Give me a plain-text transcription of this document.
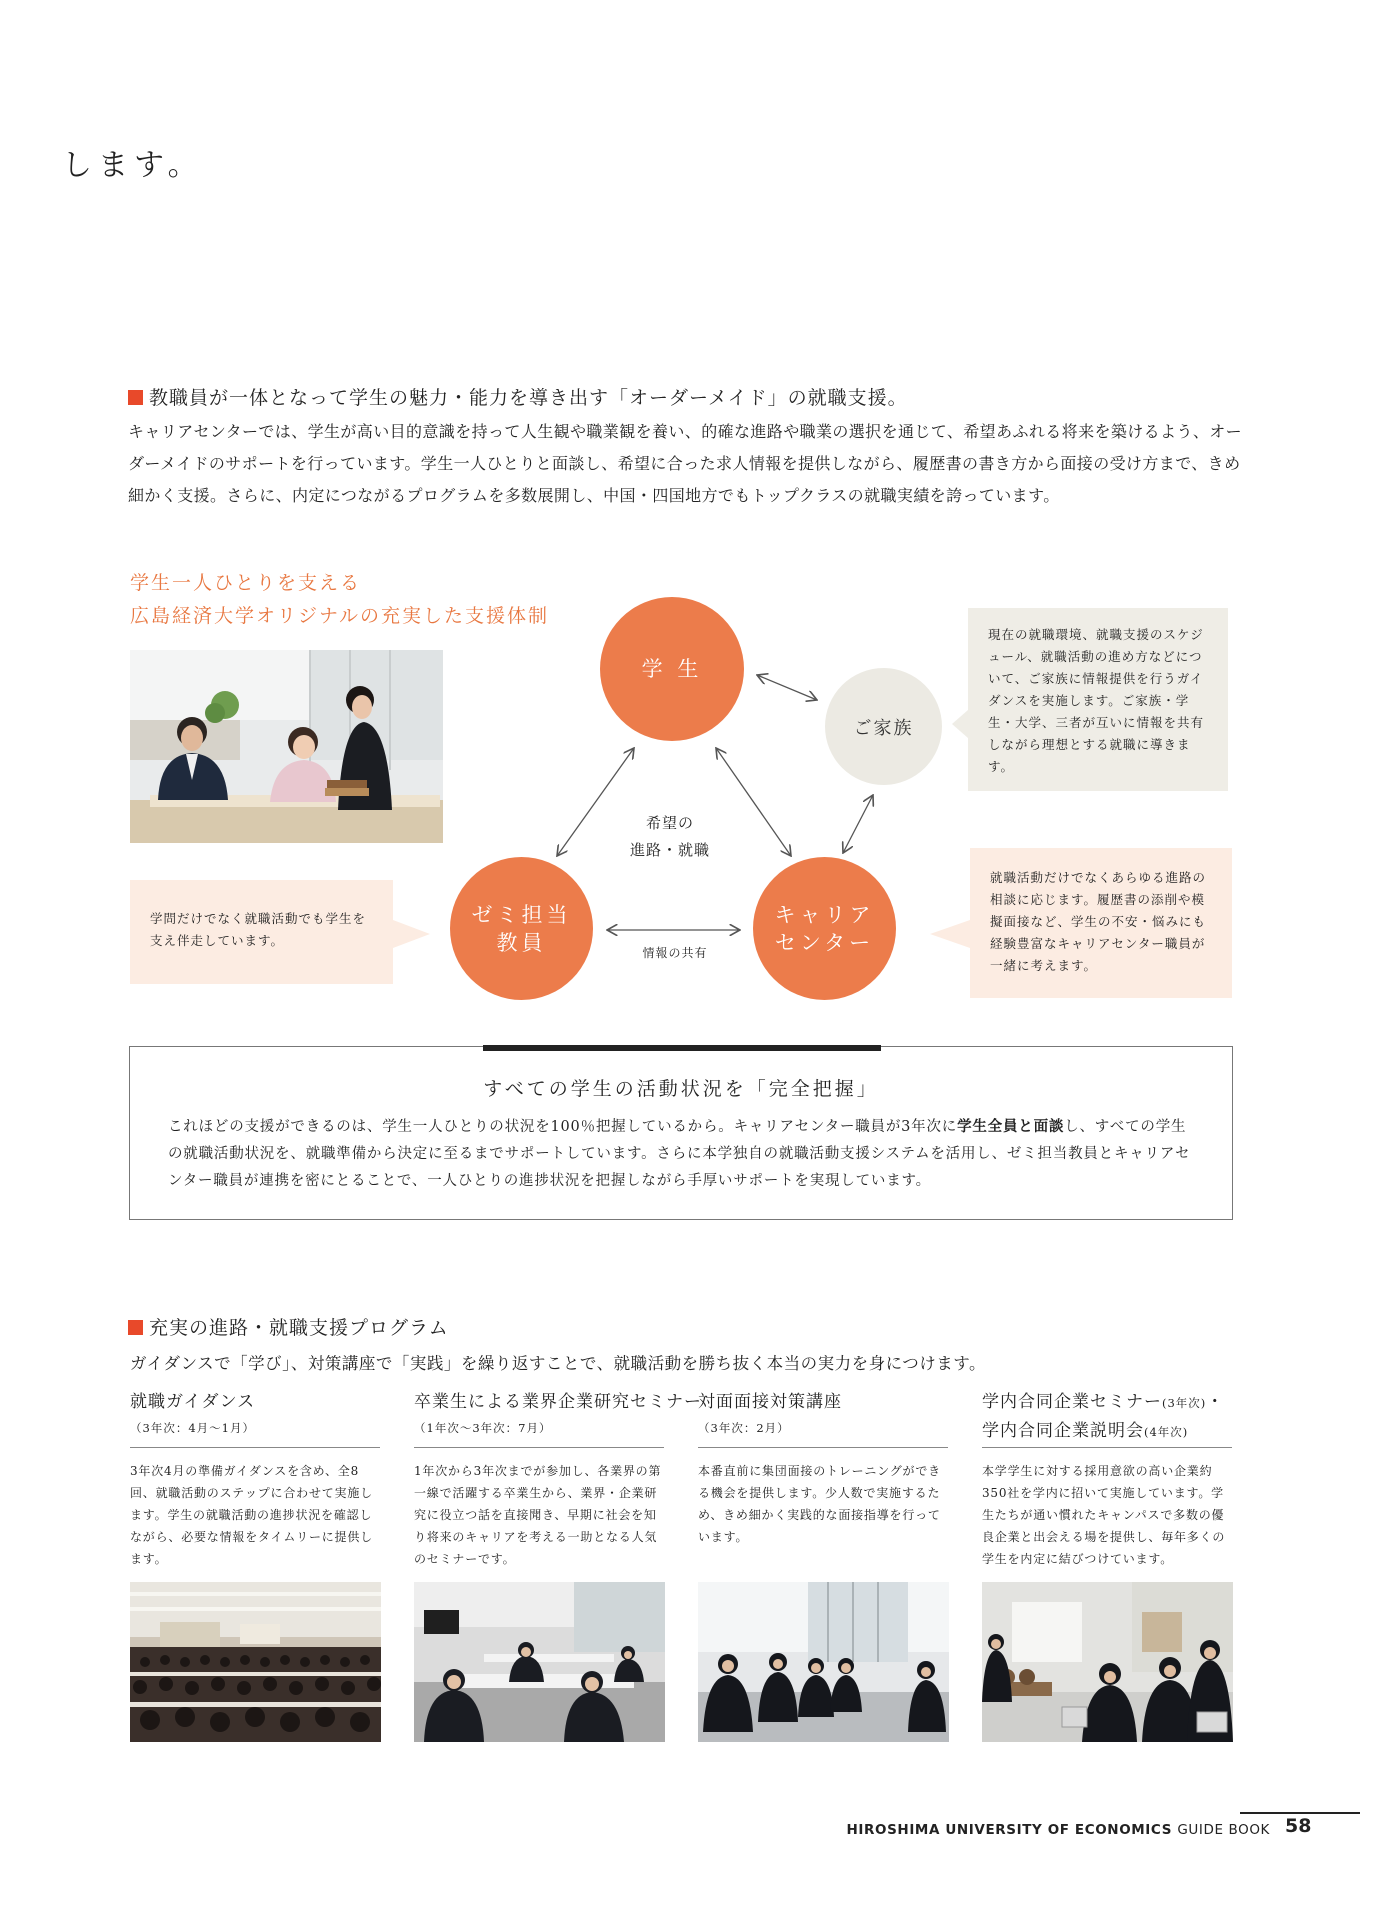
します。
教職員が一体となって学生の魅力・能力を導き出す「オーダーメイド」の就職支援。
キャリアセンターでは、学生が高い目的意識を持って人生観や職業観を養い、的確な進路や職業の選択を通じて、希望あふれる将来を築けるよう、オーダーメイドのサポートを行っています。学生一人ひとりと面談し、希望に合った求人情報を提供しながら、履歴書の書き方から面接の受け方まで、きめ細かく支援。さらに、内定につながるプログラムを多数展開し、中国・四国地方でもトップクラスの就職実績を誇っています。
学生一人ひとりを支える
広島経済大学オリジナルの充実した支援体制
学 生
ご家族
ゼミ担当
教員
キャリア
センター
希望の
進路・就職
情報の共有
現在の就職環境、就職支援のスケジュール、就職活動の進め方などについて、ご家族に情報提供を行うガイダンスを実施します。ご家族・学生・大学、三者が互いに情報を共有しながら理想とする就職に導きます。
就職活動だけでなくあらゆる進路の相談に応じます。履歴書の添削や模擬面接など、学生の不安・悩みにも経験豊富なキャリアセンター職員が一緒に考えます。
学問だけでなく就職活動でも学生を支え伴走しています。
すべての学生の活動状況を「完全把握」
これほどの支援ができるのは、学生一人ひとりの状況を100％把握しているから。キャリアセンター職員が3年次に学生全員と面談し、すべての学生の就職活動状況を、就職準備から決定に至るまでサポートしています。さらに本学独自の就職活動支援システムを活用し、ゼミ担当教員とキャリアセンター職員が連携を密にとることで、一人ひとりの進捗状況を把握しながら手厚いサポートを実現しています。
充実の進路・就職支援プログラム
ガイダンスで「学び」、対策講座で「実践」を繰り返すことで、就職活動を勝ち抜く本当の実力を身につけます。
就職ガイダンス
（3年次：4月〜1月）
3年次4月の準備ガイダンスを含め、全8回、就職活動のステップに合わせて実施します。学生の就職活動の進捗状況を確認しながら、必要な情報をタイムリーに提供します。
卒業生による業界企業研究セミナー
（1年次〜3年次：7月）
1年次から3年次までが参加し、各業界の第一線で活躍する卒業生から、業界・企業研究に役立つ話を直接聞き、早期に社会を知り将来のキャリアを考える一助となる人気のセミナーです。
対面面接対策講座
（3年次：2月）
本番直前に集団面接のトレーニングができる機会を提供します。少人数で実施するため、きめ細かく実践的な面接指導を行っています。
学内合同企業セミナー(3年次)・
学内合同企業説明会(4年次)
本学学生に対する採用意欲の高い企業約350社を学内に招いて実施しています。学生たちが通い慣れたキャンパスで多数の優良企業と出会える場を提供し、毎年多くの学生を内定に結びつけています。
HIROSHIMA UNIVERSITY OF ECONOMICS GUIDE BOOK 58
